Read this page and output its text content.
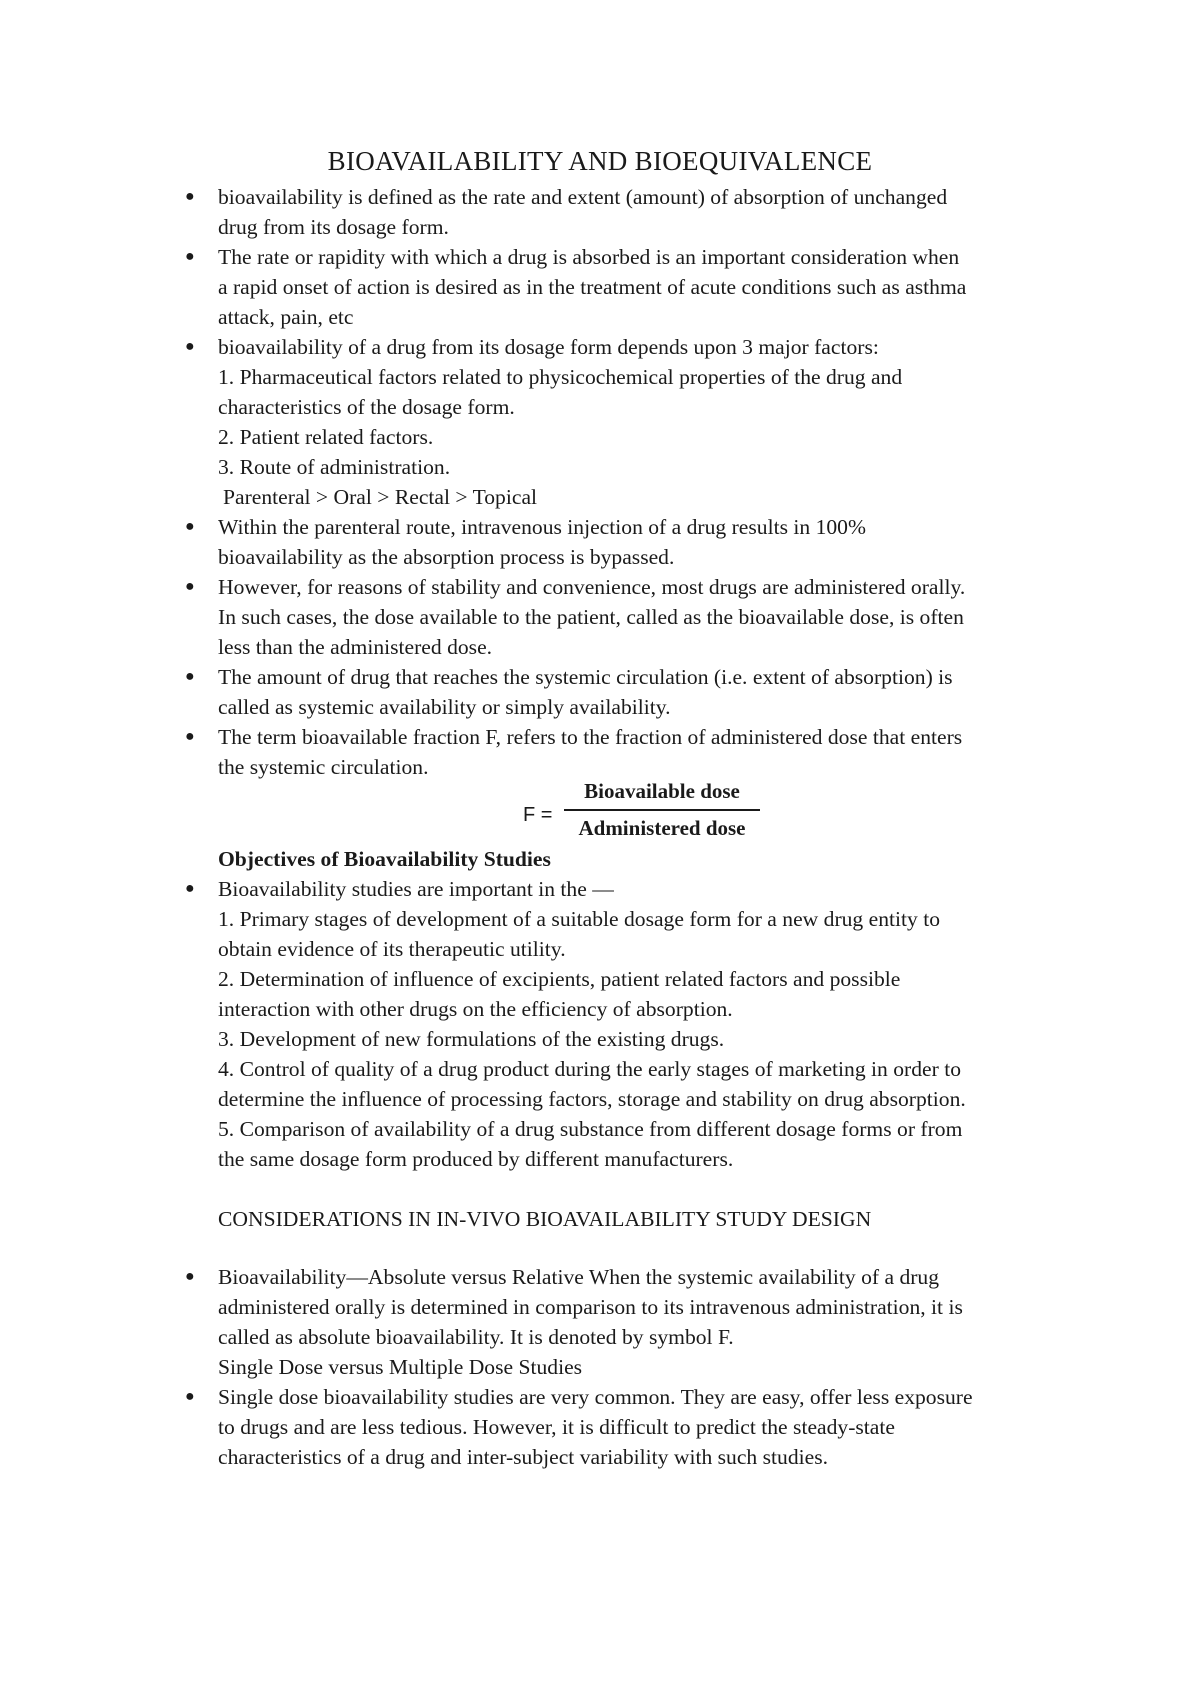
BIOAVAILABILITY AND BIOEQUIVALENCE
● bioavailability is defined as the rate and extent (amount) of absorption of unchanged
drug from its dosage form.
● The rate or rapidity with which a drug is absorbed is an important consideration when
a rapid onset of action is desired as in the treatment of acute conditions such as asthma
attack, pain, etc
● bioavailability of a drug from its dosage form depends upon 3 major factors:
1. Pharmaceutical factors related to physicochemical properties of the drug and
characteristics of the dosage form.
2. Patient related factors.
3. Route of administration.
Parenteral > Oral > Rectal > Topical
● Within the parenteral route, intravenous injection of a drug results in 100%
bioavailability as the absorption process is bypassed.
● However, for reasons of stability and convenience, most drugs are administered orally.
In such cases, the dose available to the patient, called as the bioavailable dose, is often
less than the administered dose.
● The amount of drug that reaches the systemic circulation (i.e. extent of absorption) is
called as systemic availability or simply availability.
● The term bioavailable fraction F, refers to the fraction of administered dose that enters
the systemic circulation.
F =
Bioavailable dose
Administered dose
Objectives of Bioavailability Studies
● Bioavailability studies are important in the —
1. Primary stages of development of a suitable dosage form for a new drug entity to
obtain evidence of its therapeutic utility.
2. Determination of influence of excipients, patient related factors and possible
interaction with other drugs on the efficiency of absorption.
3. Development of new formulations of the existing drugs.
4. Control of quality of a drug product during the early stages of marketing in order to
determine the influence of processing factors, storage and stability on drug absorption.
5. Comparison of availability of a drug substance from different dosage forms or from
the same dosage form produced by different manufacturers.
CONSIDERATIONS IN IN-VIVO BIOAVAILABILITY STUDY DESIGN
● Bioavailability—Absolute versus Relative When the systemic availability of a drug
administered orally is determined in comparison to its intravenous administration, it is
called as absolute bioavailability. It is denoted by symbol F.
Single Dose versus Multiple Dose Studies
● Single dose bioavailability studies are very common. They are easy, offer less exposure
to drugs and are less tedious. However, it is difficult to predict the steady-state
characteristics of a drug and inter-subject variability with such studies.
